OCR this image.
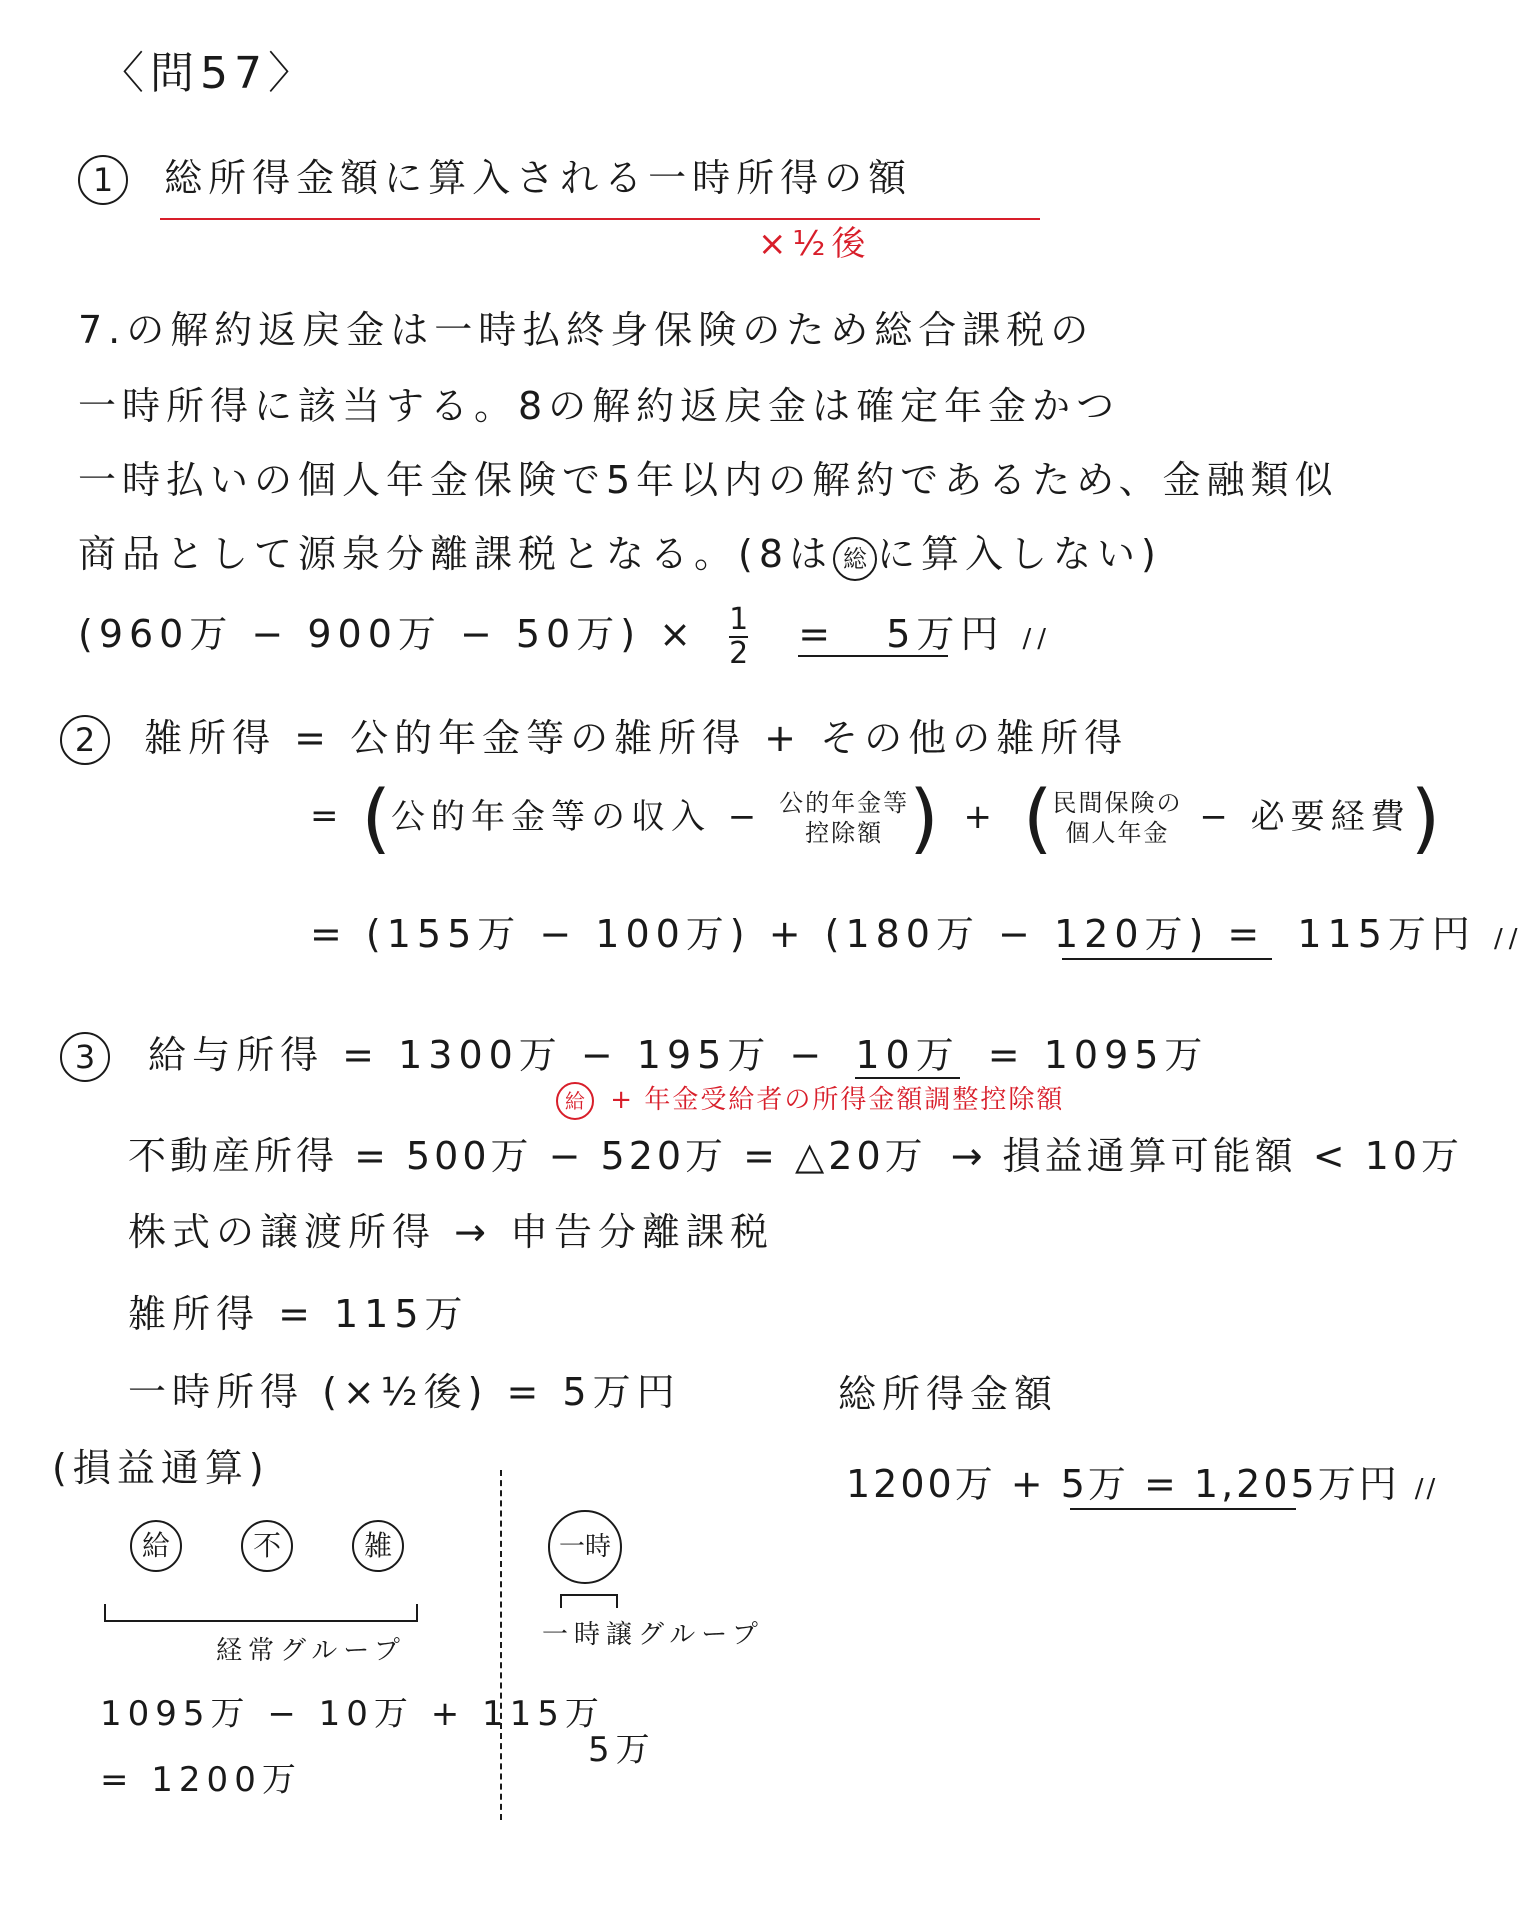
〈問57〉
1 総所得金額に算入される一時所得の額
×½後
7.の解約返戻金は一時払終身保険のため総合課税の
一時所得に該当する。8の解約返戻金は確定年金かつ
一時払いの個人年金保険で5年以内の解約であるため、金融類似
商品として源泉分離課税となる。(8は 総 に算入しない)
(960万 − 900万 − 50万) × $\frac{1}{2} = 5$万円 //
2 雑所得 = 公的年金等の雑所得 + その他の雑所得
= (公的年金等の収入 − 公的年金等
控除額 ) + ( 民間保険の
個人年金 − 必要経費)
= (155万 − 100万) + (180万 − 120万) = 115万円 //
3 給与所得 = 1300万 − 195万 − 10万 = 1095万
給 + 年金受給者の所得金額調整控除額
不動産所得 = 500万 − 520万 = △20万 → 損益通算可能額 < 10万
株式の譲渡所得 → 申告分離課税
雑所得 = 115万
一時所得 (×½後) = 5万円	総所得金額
1200万 + 5万 = 1,205万円 //
(損益通算)
給	不	雑
経常グループ
一時
一時譲グループ
1095万 − 10万 + 115万
= 1200万
5万
